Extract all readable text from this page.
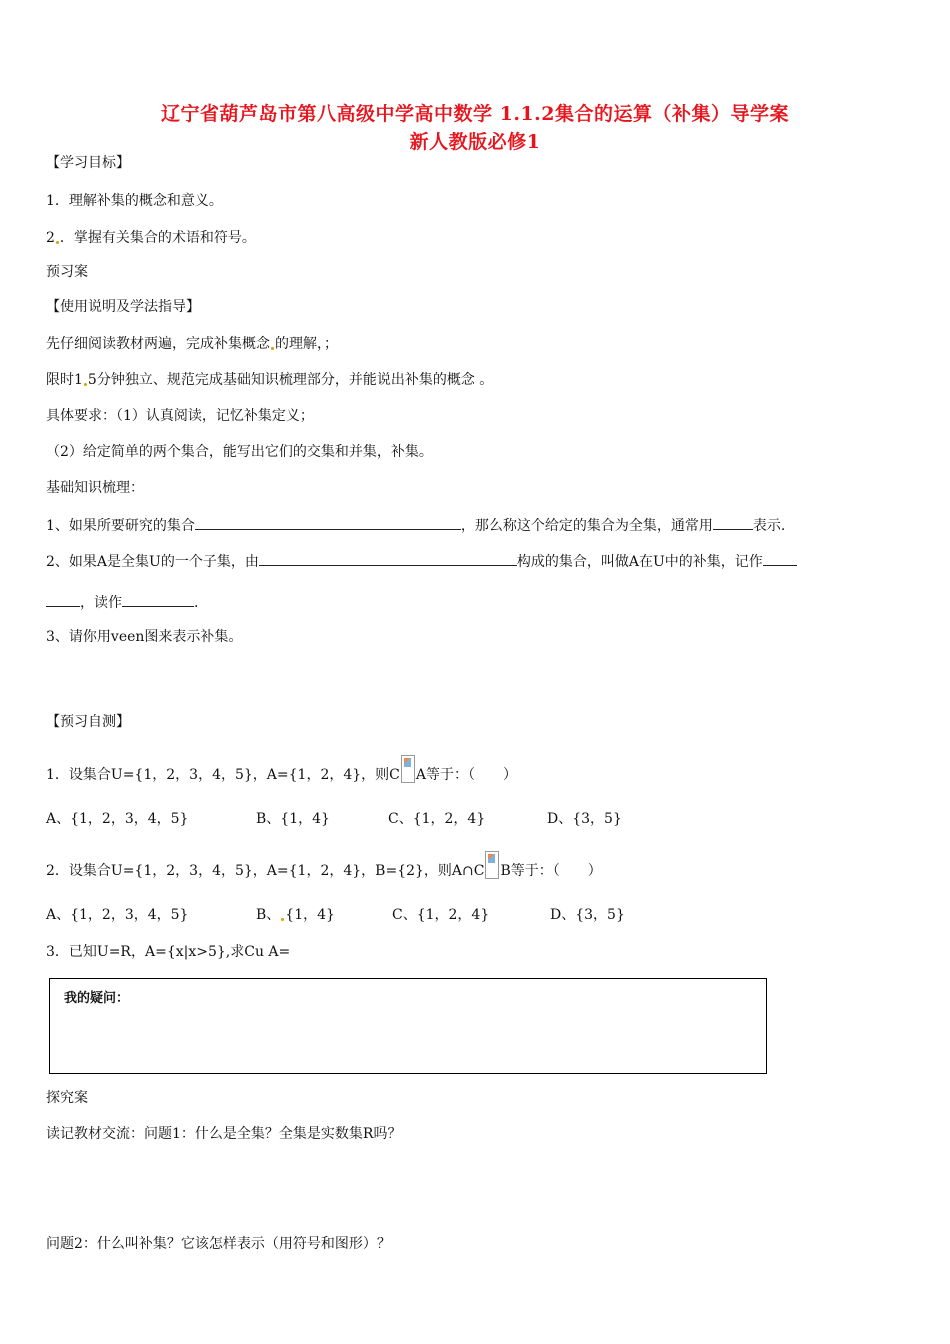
辽宁省葫芦岛市第八高级中学高中数学 1.1.2集合的运算（补集）导学案
新人教版必修1
【学习目标】
1．理解补集的概念和意义。
2 ．掌握有关集合的术语和符号。
预习案
【使用说明及学法指导】
先仔细阅读教材两遍，完成补集概念 的理解，；
限时1 5分钟独立、规范完成基础知识梳理部分，并能说出补集的概念 。
具体要求：（1）认真阅读，记忆补集定义；
（2）给定简单的两个集合，能写出它们的交集和并集，补集。
基础知识梳理：
1、如果所要研究的集合	，那么称这个给定的集合为全集，通常用	表示.
2、如果A是全集U的一个子集，由	构成的集合，叫做A在U中的补集，记作
，读作	.
3、请你用veen图来表示补集。
【预习自测】
1．设集合U={1，2，3，4，5}，A={1，2，4}，则C A等于：（　　）
A、{1，2，3，4，5}	B、{1，4}	C、{1，2，4}	D、{3，5}
2．设集合U={1，2，3，4，5}，A={1，2，4}，B={2}，则A∩C B等于：（　　）
A、{1，2，3，4，5}	B、 {1，4}	C、{1，2，4}	D、{3，5}
3．已知U=R，A={x|x>5},求Cu A=
我的疑问：
探究案
读记教材交流：问题1：什么是全集？全集是实数集R吗？
问题2：什么叫补集？它该怎样表示（用符号和图形）？
